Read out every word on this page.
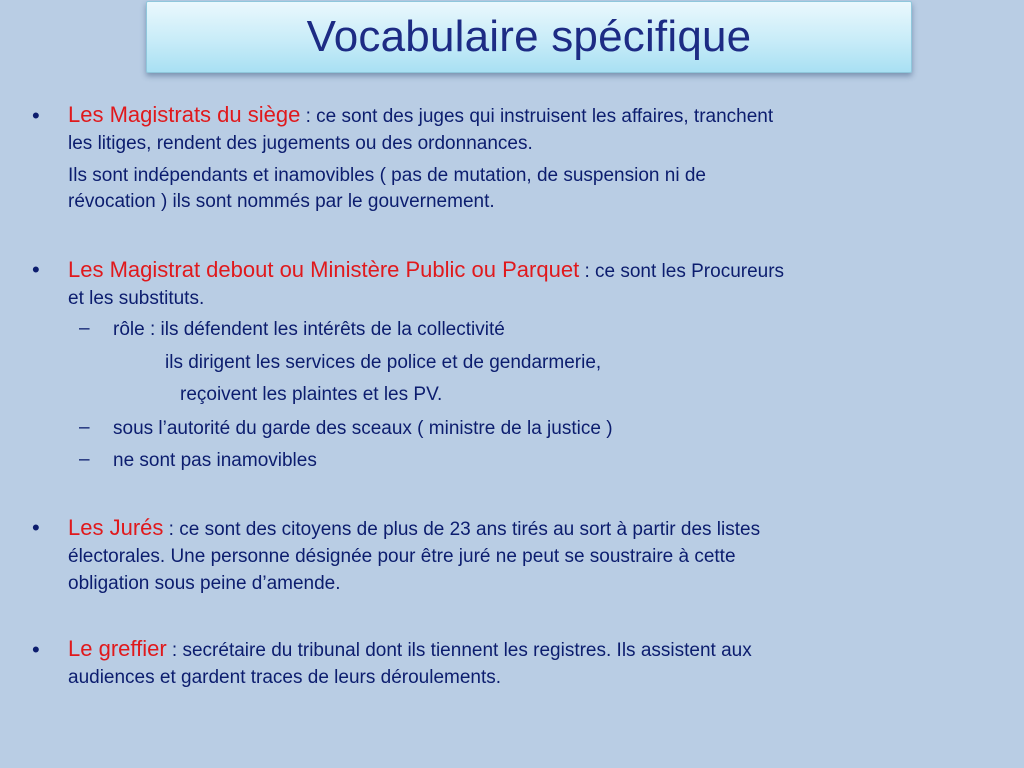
Vocabulaire spécifique
• Les Magistrats du siège : ce sont des juges qui instruisent les affaires, tranchent
les litiges, rendent des jugements ou des ordonnances.
Ils sont indépendants et inamovibles ( pas de mutation, de suspension ni de
révocation ) ils sont nommés par le gouvernement.
• Les Magistrat debout ou Ministère Public ou Parquet : ce sont les Procureurs
et les substituts.
– rôle : ils défendent les intérêts de la collectivité
ils dirigent les services de police et de gendarmerie,
reçoivent les plaintes et les PV.
– sous l’autorité du garde des sceaux ( ministre de la justice )
– ne sont pas inamovibles
• Les Jurés : ce sont des citoyens de plus de 23 ans tirés au sort à partir des listes
électorales. Une personne désignée pour être juré ne peut se soustraire à cette
obligation sous peine d’amende.
• Le greffier : secrétaire du tribunal dont ils tiennent les registres. Ils assistent aux
audiences et gardent traces de leurs déroulements.
